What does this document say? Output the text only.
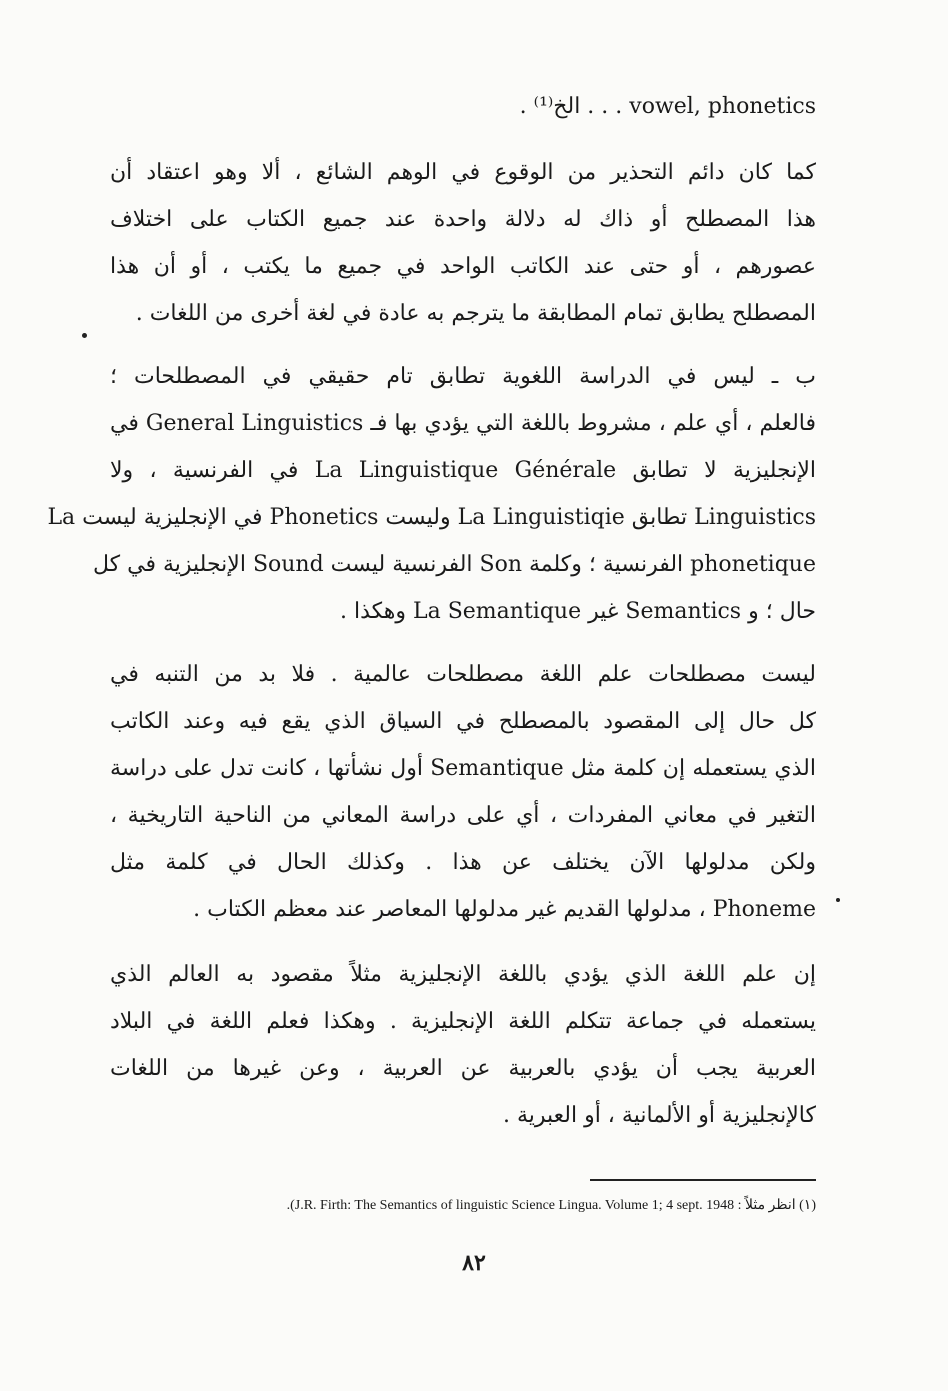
vowel, phonetics . . . الخ⁽¹⁾ .
كما كان دائم التحذير من الوقوع في الوهم الشائع ، ألا وهو اعتقاد أن
هذا المصطلح أو ذاك له دلالة واحدة عند جميع الكتاب على اختلاف
عصورهم ، أو حتى عند الكاتب الواحد في جميع ما يكتب ، أو أن هذا
المصطلح يطابق تمام المطابقة ما يترجم به عادة في لغة أخرى من اللغات .
ب ـ ليس في الدراسة اللغوية تطابق تام حقيقي في المصطلحات ؛
فالعلم ، أي علم ، مشروط باللغة التي يؤدي بها فـ General Linguistics في
الإنجليزية لا تطابق La Linguistique Générale في الفرنسية ، ولا
Linguistics تطابق La Linguistiqie وليست Phonetics في الإنجليزية ليست La
phonetique الفرنسية ؛ وكلمة Son الفرنسية ليست Sound الإنجليزية في كل
حال ؛ و Semantics غير La Semantique وهكذا .
ليست مصطلحات علم اللغة مصطلحات عالمية . فلا بد من التنبه في
كل حال إلى المقصود بالمصطلح في السياق الذي يقع فيه وعند الكاتب
الذي يستعمله إن كلمة مثل Semantique أول نشأتها ، كانت تدل على دراسة
التغير في معاني المفردات ، أي على دراسة المعاني من الناحية التاريخية ،
ولكن مدلولها الآن يختلف عن هذا . وكذلك الحال في كلمة مثل
Phoneme ، مدلولها القديم غير مدلولها المعاصر عند معظم الكتاب .
إن علم اللغة الذي يؤدي باللغة الإنجليزية مثلاً مقصود به العالم الذي
يستعمله في جماعة تتكلم اللغة الإنجليزية . وهكذا فعلم اللغة في البلاد
العربية يجب أن يؤدي بالعربية عن العربية ، وعن غيرها من اللغات
كالإنجليزية أو الألمانية ، أو العبرية .
(١) انظر مثلاً : J.R. Firth: The Semantics of linguistic Science Lingua. Volume 1; 4 sept. 1948).
٨٢
